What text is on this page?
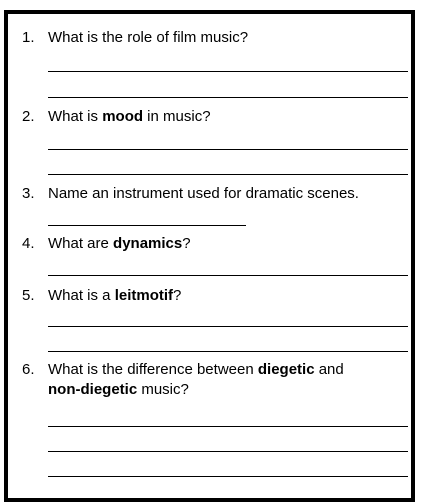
1. What is the role of film music?
2. What is mood in music?
3. Name an instrument used for dramatic scenes.
4. What are dynamics?
5. What is a leitmotif?
6. What is the difference between diegetic and
non-diegetic music?
